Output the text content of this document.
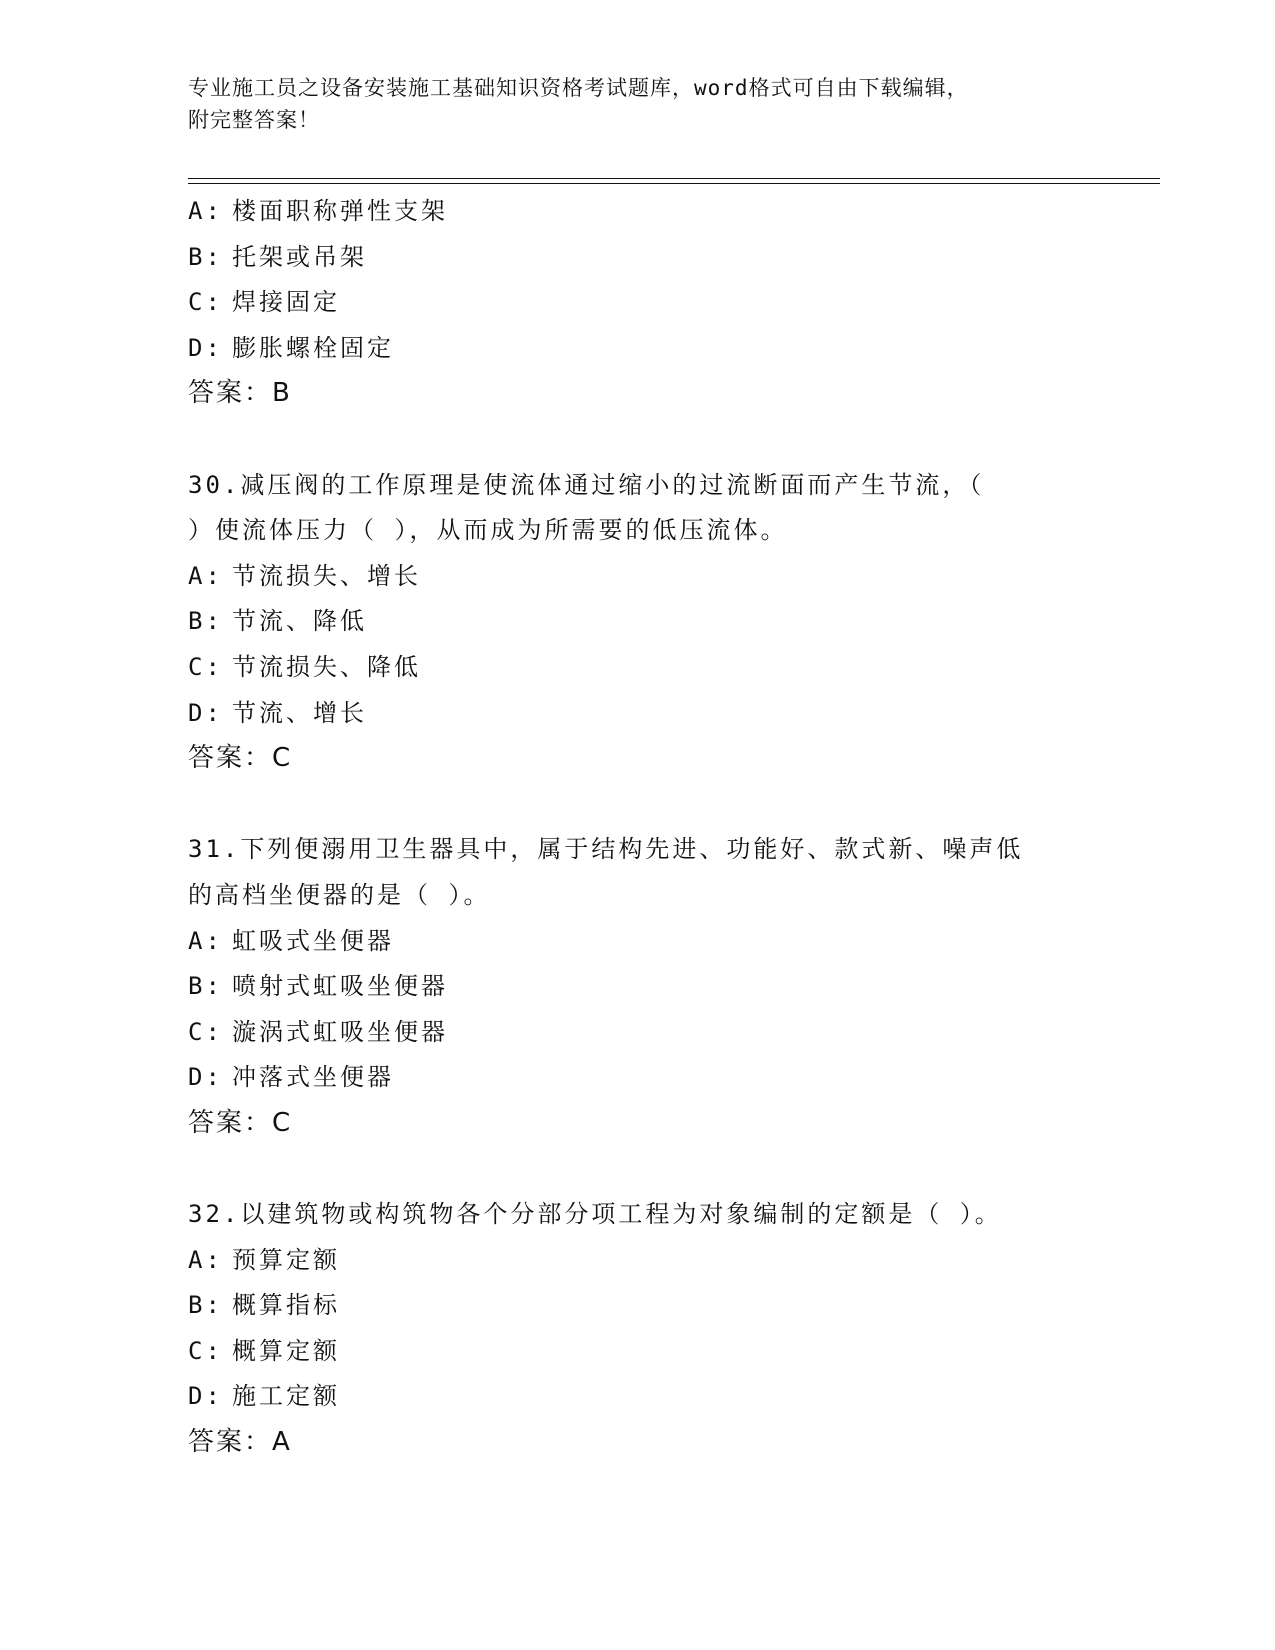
专业施工员之设备安装施工基础知识资格考试题库，word格式可自由下载编辑，
附完整答案！
A: 楼面职称弹性支架
B: 托架或吊架
C: 焊接固定
D: 膨胀螺栓固定
答案：B
30.减压阀的工作原理是使流体通过缩小的过流断面而产生节流，（
）使流体压力（ ），从而成为所需要的低压流体。
A: 节流损失、增长
B: 节流、降低
C: 节流损失、降低
D: 节流、增长
答案：C
31.下列便溺用卫生器具中，属于结构先进、功能好、款式新、噪声低
的高档坐便器的是（ ）。
A: 虹吸式坐便器
B: 喷射式虹吸坐便器
C: 漩涡式虹吸坐便器
D: 冲落式坐便器
答案：C
32.以建筑物或构筑物各个分部分项工程为对象编制的定额是（ ）。
A: 预算定额
B: 概算指标
C: 概算定额
D: 施工定额
答案：A
